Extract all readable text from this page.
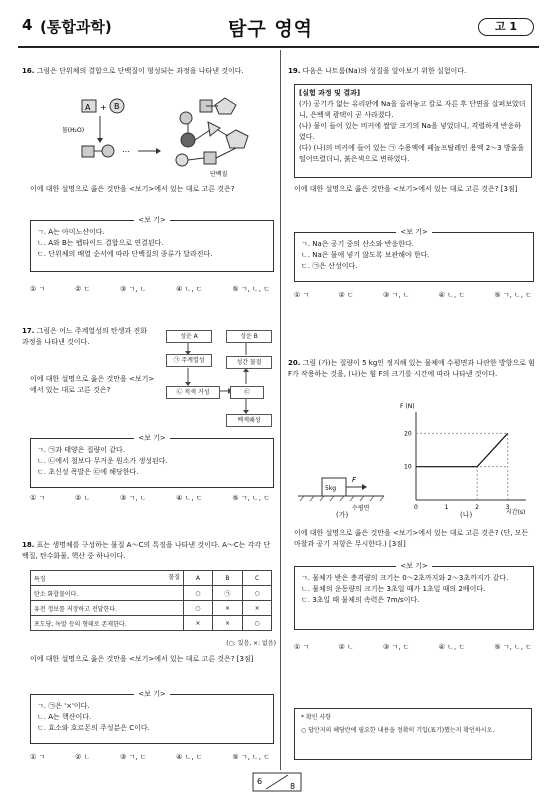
4 (통합과학)	탐구 영역	고 1
16. 그림은 단위체의 결합으로 단백질이 형성되는 과정을 나타낸 것이다.
A + B
물(H₂O)
⋯
단백질
이에 대한 설명으로 옳은 것만을 <보기>에서 있는 대로 고른 것은?
<보 기>
ㄱ. A는 아미노산이다.
ㄴ. A와 B는 펩타이드 결합으로 연결된다.
ㄷ. 단위체의 배열 순서에 따라 단백질의 종류가 달라진다.
① ㄱ	② ㄷ	③ ㄱ, ㄴ	④ ㄴ, ㄷ	⑤ ㄱ, ㄴ, ㄷ
17. 그림은 어느 주계열성의 탄생과 진화 과정을 나타낸 것이다.
이에 대한 설명으로 옳은 것만을 <보기>에서 있는 대로 고른 것은?
성운 A	성운 B
㉠ 주계열성	성간 물질
㉡ 적색 거성	㉢
백색왜성
<보 기>
ㄱ. ㉠과 태양은 질량이 같다.
ㄴ. ㉡에서 철보다 무거운 원소가 생성된다.
ㄷ. 초신성 폭발은 ㉢에 해당한다.
① ㄱ	② ㄴ	③ ㄱ, ㄴ	④ ㄴ, ㄷ	⑤ ㄱ, ㄴ, ㄷ
18. 표는 생명체를 구성하는 물질 A～C의 특징을 나타낸 것이다. A～C는 각각 단백질, 탄수화물, 핵산 중 하나이다.
특징 물질	A	B	C
탄소 화합물이다.	○	㉠	○
유전 정보를 저장하고 전달한다.	○	×	×
포도당, 녹말 등의 형태로 존재한다.	×	×	○
(○: 있음, ×: 없음)
이에 대한 설명으로 옳은 것만을 <보기>에서 있는 대로 고른 것은? [3점]
<보 기>
ㄱ. ㉠은 '×'이다.
ㄴ. A는 핵산이다.
ㄷ. 효소와 호르몬의 주성분은 C이다.
① ㄱ	② ㄴ	③ ㄱ, ㄷ	④ ㄴ, ㄷ	⑤ ㄱ, ㄴ, ㄷ
19. 다음은 나트륨(Na)의 성질을 알아보기 위한 실험이다.
[실험 과정 및 결과]
(가) 공기가 없는 유리판에 Na을 올려놓고 칼로 자른 후 단면을 살펴보았더니, 은백색 광택이 곧 사라졌다.
(나) 물이 들어 있는 비커에 쌀알 크기의 Na을 넣었더니, 격렬하게 반응하였다.
(다) (나)의 비커에 들어 있는 ㉠ 수용액에 페놀프탈레인 용액 2～3 방울을 떨어뜨렸더니, 붉은색으로 변하였다.
이에 대한 설명으로 옳은 것만을 <보기>에서 있는 대로 고른 것은? [3점]
<보 기>
ㄱ. Na은 공기 중의 산소와 반응한다.
ㄴ. Na은 물에 넣기 않도록 보관해야 한다.
ㄷ. ㉠은 산성이다.
① ㄱ	② ㄷ	③ ㄱ, ㄴ	④ ㄴ, ㄷ	⑤ ㄱ, ㄴ, ㄷ
20. 그림 (가)는 질량이 5 kg인 정지해 있는 물체에 수평면과 나란한 방향으로 힘 F가 작용하는 것을, (나)는 힘 F의 크기를 시간에 따라 나타낸 것이다.
5kg
F
수평면
(가)
F (N)
시간(s)
0	1	2	3
10
20
(나)
이에 대한 설명으로 옳은 것만을 <보기>에서 있는 대로 고른 것은? (단, 모든 마찰과 공기 저항은 무시한다.) [3점]
<보 기>
ㄱ. 물체가 받은 충격량의 크기는 0～2초까지와 2～3초까지가 같다.
ㄴ. 물체의 운동량의 크기는 3초일 때가 1초일 때의 2배이다.
ㄷ. 3초일 때 물체의 속력은 7m/s이다.
① ㄱ	② ㄴ	③ ㄱ, ㄷ	④ ㄴ, ㄷ	⑤ ㄱ, ㄴ, ㄷ
* 확인 사항
○ 답안지의 해당란에 필요한 내용을 정확히 기입(표기)했는지 확인하시오.
6
8
